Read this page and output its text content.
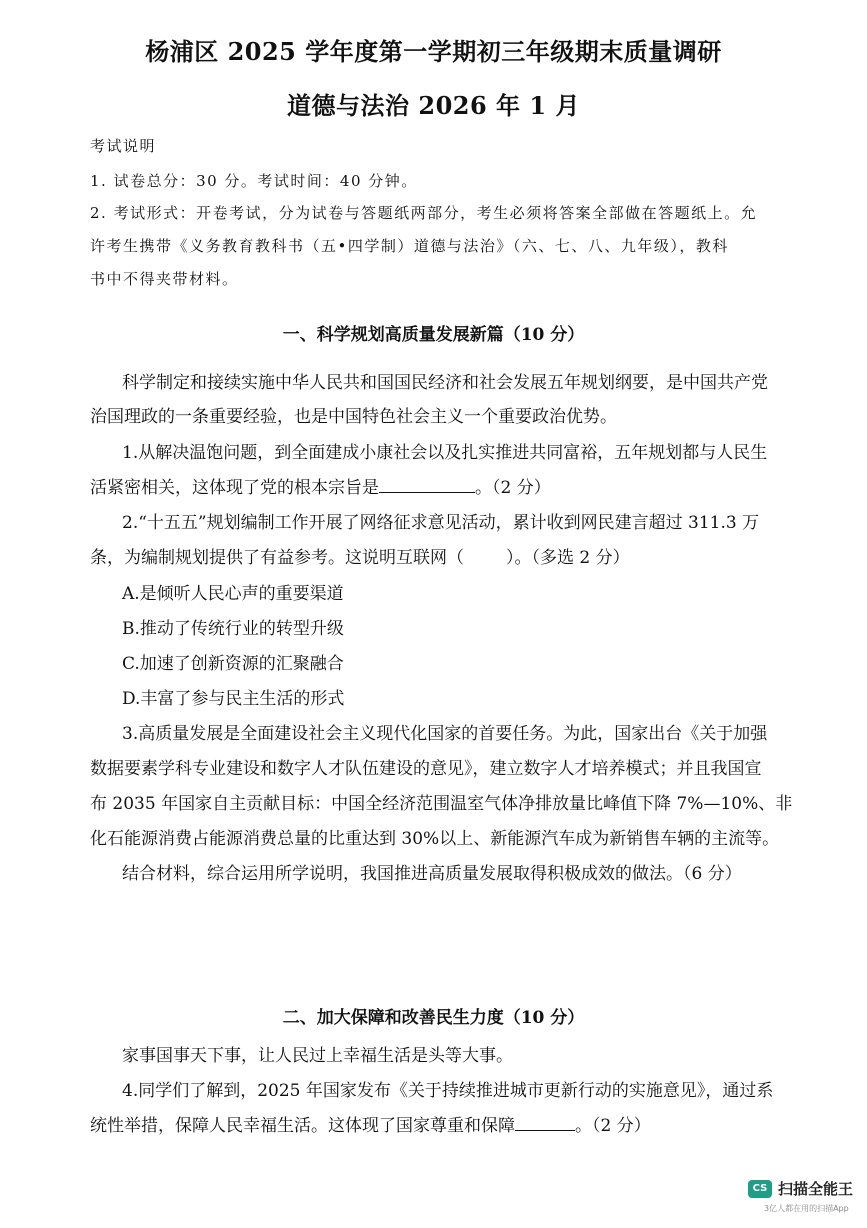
杨浦区 2025 学年度第一学期初三年级期末质量调研
道德与法治 2026 年 1 月
考试说明
1. 试卷总分：30 分。考试时间：40 分钟。
2. 考试形式：开卷考试，分为试卷与答题纸两部分，考生必须将答案全部做在答题纸上。允
许考生携带《义务教育教科书（五•四学制）道德与法治》（六、七、八、九年级），教科
书中不得夹带材料。
一、科学规划高质量发展新篇（10 分）
科学制定和接续实施中华人民共和国国民经济和社会发展五年规划纲要，是中国共产党
治国理政的一条重要经验，也是中国特色社会主义一个重要政治优势。
1.从解决温饱问题，到全面建成小康社会以及扎实推进共同富裕，五年规划都与人民生
活紧密相关，这体现了党的根本宗旨是	。（2 分）
2.“十五五”规划编制工作开展了网络征求意见活动，累计收到网民建言超过 311.3 万
条，为编制规划提供了有益参考。这说明互联网（ ）。（多选 2 分）
A.是倾听人民心声的重要渠道
B.推动了传统行业的转型升级
C.加速了创新资源的汇聚融合
D.丰富了参与民主生活的形式
3.高质量发展是全面建设社会主义现代化国家的首要任务。为此，国家出台《关于加强
数据要素学科专业建设和数字人才队伍建设的意见》，建立数字人才培养模式；并且我国宣
布 2035 年国家自主贡献目标：中国全经济范围温室气体净排放量比峰值下降 7%—10%、非
化石能源消费占能源消费总量的比重达到 30%以上、新能源汽车成为新销售车辆的主流等。
结合材料，综合运用所学说明，我国推进高质量发展取得积极成效的做法。（6 分）
二、加大保障和改善民生力度（10 分）
家事国事天下事，让人民过上幸福生活是头等大事。
4.同学们了解到，2025 年国家发布《关于持续推进城市更新行动的实施意见》，通过系
统性举措，保障人民幸福生活。这体现了国家尊重和保障	。（2 分）
CS 扫描全能王
3亿人都在用的扫描App
